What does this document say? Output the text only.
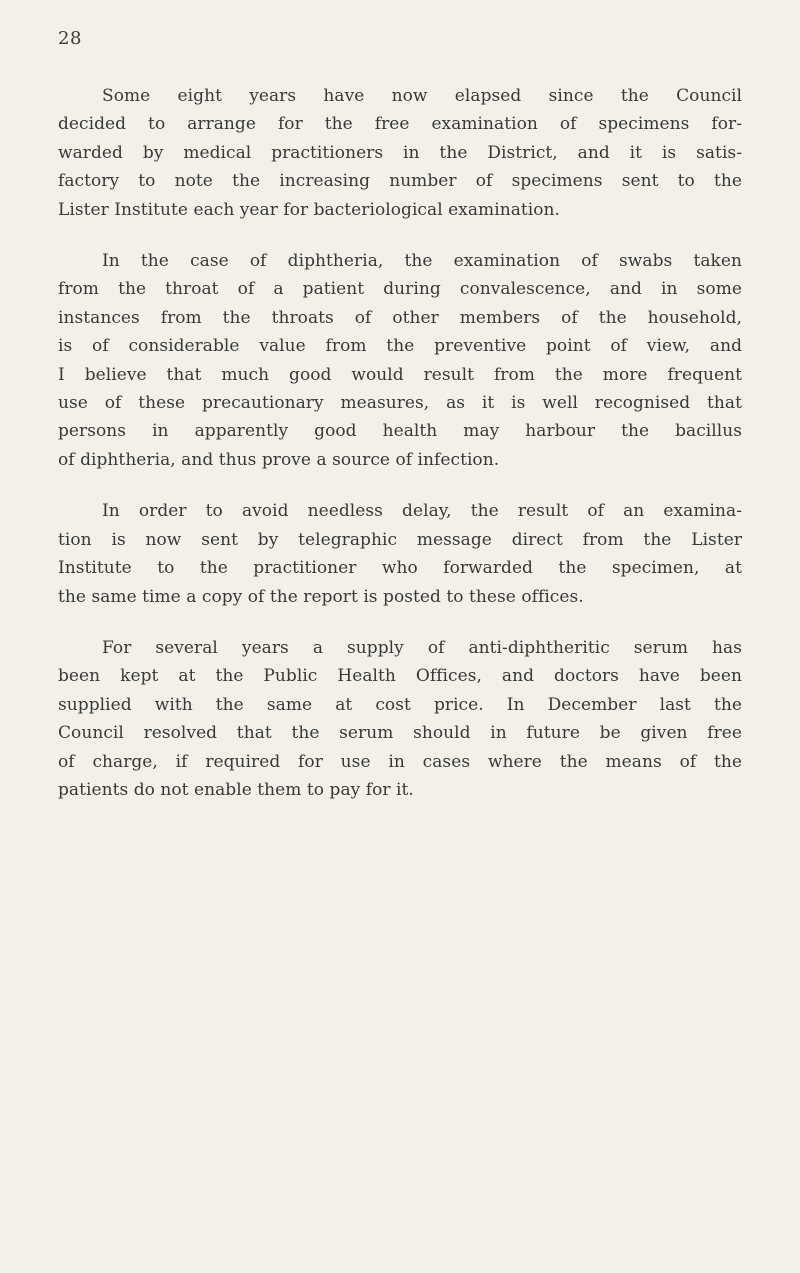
28
Some eight years have now elapsed since the Council
decided to arrange for the free examination of specimens for-
warded by medical practitioners in the District, and it is satis-
factory to note the increasing number of specimens sent to the
Lister Institute each year for bacteriological examination.
In the case of diphtheria, the examination of swabs taken
from the throat of a patient during convalescence, and in some
instances from the throats of other members of the household,
is of considerable value from the preventive point of view, and
I believe that much good would result from the more frequent
use of these precautionary measures, as it is well recognised that
persons in apparently good health may harbour the bacillus
of diphtheria, and thus prove a source of infection.
In order to avoid needless delay, the result of an examina-
tion is now sent by telegraphic message direct from the Lister
Institute to the practitioner who forwarded the specimen, at
the same time a copy of the report is posted to these offices.
For several years a supply of anti-diphtheritic serum has
been kept at the Public Health Offices, and doctors have been
supplied with the same at cost price. In December last the
Council resolved that the serum should in future be given free
of charge, if required for use in cases where the means of the
patients do not enable them to pay for it.
